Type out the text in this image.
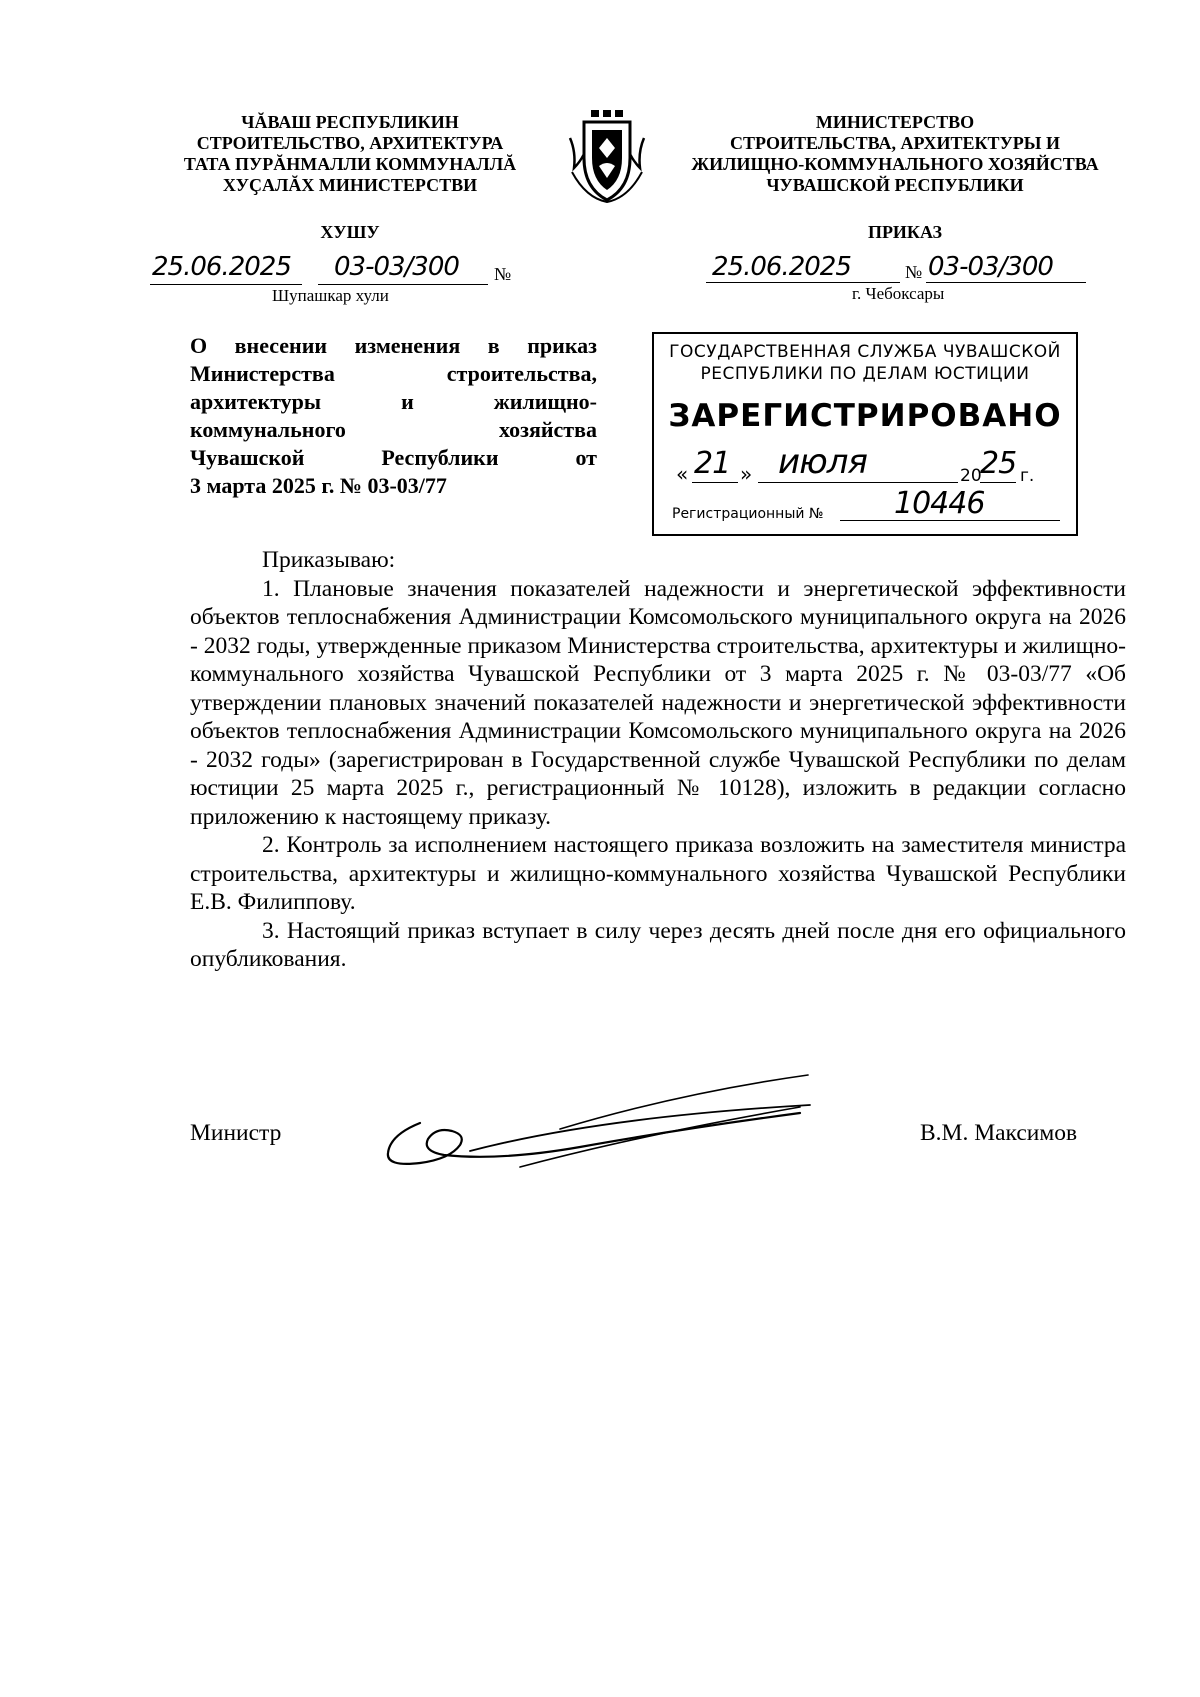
ЧĂВАШ РЕСПУБЛИКИН
СТРОИТЕЛЬСТВО, АРХИТЕКТУРА
ТАТА ПУРĂНМАЛЛИ КОММУНАЛЛĂ
ХУҪАЛĂХ МИНИСТЕРСТВИ
ХУШУ
25.06.2025 03-03/300 №
Шупашкар хули
МИНИСТЕРСТВО
СТРОИТЕЛЬСТВА, АРХИТЕКТУРЫ И
ЖИЛИЩНО-КОММУНАЛЬНОГО ХОЗЯЙСТВА
ЧУВАШСКОЙ РЕСПУБЛИКИ
ПРИКАЗ
25.06.2025	№ 03-03/300
г. Чебоксары
О внесении изменения в приказ
Министерства строительства,
архитектуры и жилищно-
коммунального хозяйства
Чувашской Республики от
3 марта 2025 г. № 03-03/77
ГОСУДАРСТВЕННАЯ СЛУЖБА ЧУВАШСКОЙ
РЕСПУБЛИКИ ПО ДЕЛАМ ЮСТИЦИИ
ЗАРЕГИСТРИРОВАНО
« 21 » июля	20
25 г.
Регистрационный № 10446

Приказываю:

1. Плановые значения показателей надежности и энергетической эффективности объектов теплоснабжения Администрации Комсомольского муниципального округа на 2026 - 2032 годы, утвержденные приказом Министерства строительства, архитектуры и жилищно-коммунального хозяйства Чувашской Республики от 3 марта 2025 г. № 03-03/77 «Об утверждении плановых значений показателей надежности и энергетической эффективности объектов теплоснабжения Администрации Комсомольского муниципального округа на 2026 - 2032 годы» (зарегистрирован в Государственной службе Чувашской Республики по делам юстиции 25 марта 2025 г., регистрационный № 10128), изложить в редакции согласно приложению к настоящему приказу.

2. Контроль за исполнением настоящего приказа возложить на заместителя министра строительства, архитектуры и жилищно-коммунального хозяйства Чувашской Республики Е.В. Филиппову.

3. Настоящий приказ вступает в силу через десять дней после дня его официального опубликования.

Министр	В.М. Максимов
